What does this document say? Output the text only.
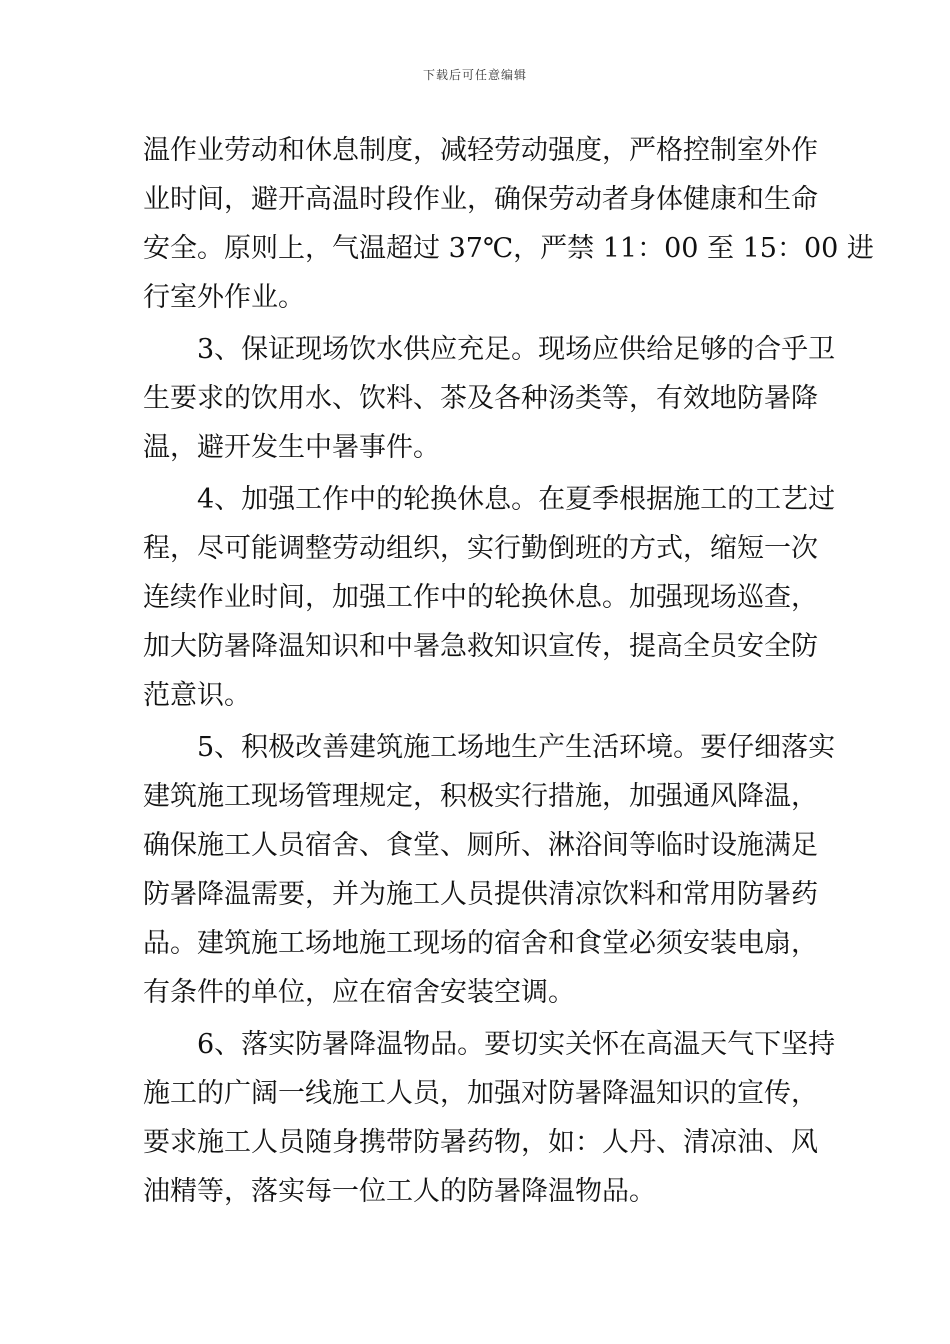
下载后可任意编辑
温作业劳动和休息制度，减轻劳动强度，严格控制室外作
业时间，避开高温时段作业，确保劳动者身体健康和生命
安全。原则上，气温超过 37℃，严禁 11：00 至 15：00 进
行室外作业。
　　3、保证现场饮水供应充足。现场应供给足够的合乎卫
生要求的饮用水、饮料、茶及各种汤类等，有效地防暑降
温，避开发生中暑事件。
　　4、加强工作中的轮换休息。在夏季根据施工的工艺过
程，尽可能调整劳动组织，实行勤倒班的方式，缩短一次
连续作业时间，加强工作中的轮换休息。加强现场巡查，
加大防暑降温知识和中暑急救知识宣传，提高全员安全防
范意识。
　　5、积极改善建筑施工场地生产生活环境。要仔细落实
建筑施工现场管理规定，积极实行措施，加强通风降温，
确保施工人员宿舍、食堂、厕所、淋浴间等临时设施满足
防暑降温需要，并为施工人员提供清凉饮料和常用防暑药
品。建筑施工场地施工现场的宿舍和食堂必须安装电扇，
有条件的单位，应在宿舍安装空调。
　　6、落实防暑降温物品。要切实关怀在高温天气下坚持
施工的广阔一线施工人员，加强对防暑降温知识的宣传，
要求施工人员随身携带防暑药物，如：人丹、清凉油、风
油精等，落实每一位工人的防暑降温物品。
